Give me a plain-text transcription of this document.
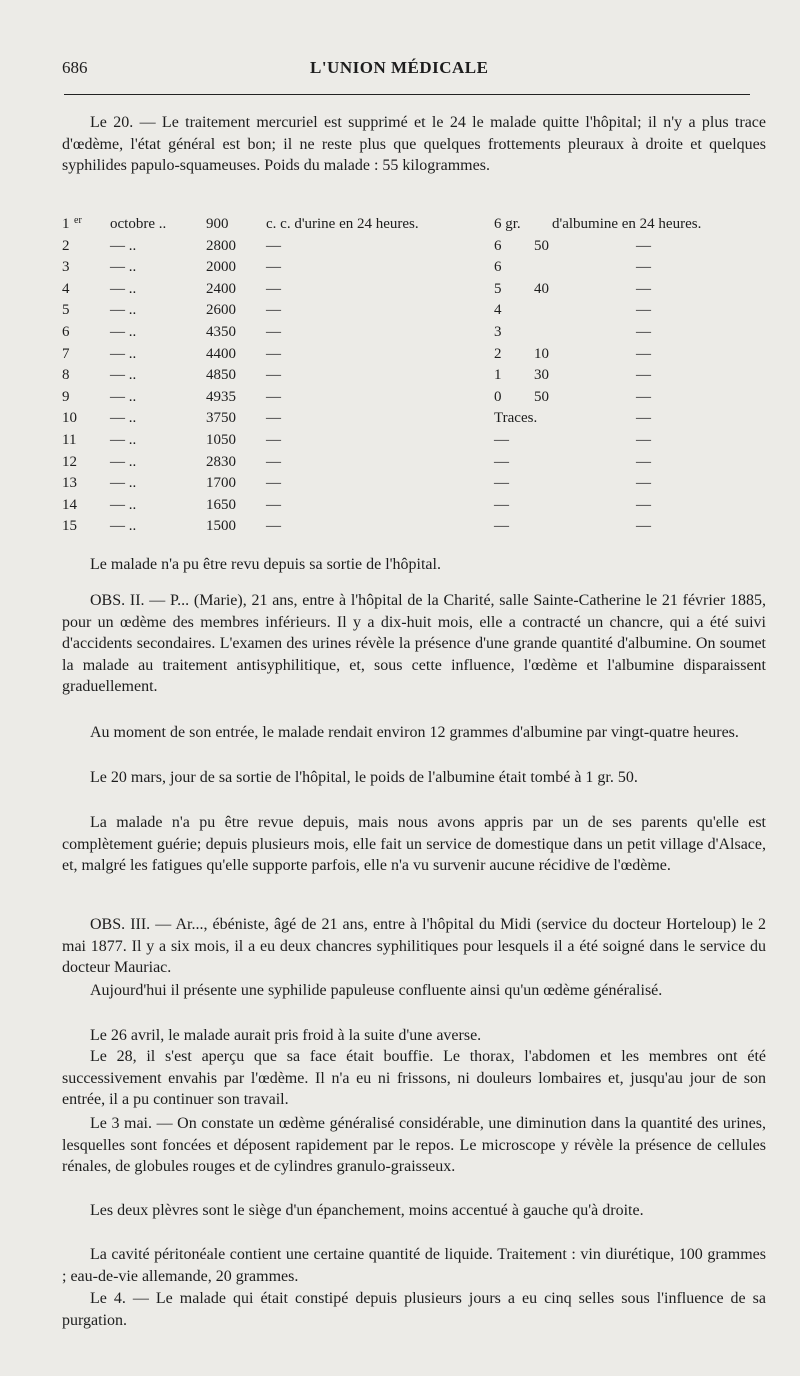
686	L'UNION MÉDICALE

Le 20. — Le traitement mercuriel est supprimé et le 24 le malade quitte l'hôpital; il n'y a plus trace d'œdème, l'état général est bon; il ne reste plus que quelques frottements pleuraux à droite et quelques syphilides papulo-squameuses. Poids du malade : 55 kilogrammes.

1 er octobre ..	900	c. c. d'urine en 24 heures.	6 gr. d'albumine en 24 heures.
2	— ..	2800 —	6 50	—
3	— ..	2000 —	6	—
4	— ..	2400 —	5 40	—
5	— ..	2600 —	4	—
6	— ..	4350 —	3	—
7	— ..	4400 —	2 10	—
8	— ..	4850 —	1 30	—
9	— ..	4935 —	0 50	—
10 — ..	3750 —	Traces.	—
11 — ..	1050 —	—	—
12 — ..	2830 —	—	—
13 — ..	1700 —	—	—
14 — ..	1650 —	—	—
15 — ..	1500 —	—	—

Le malade n'a pu être revu depuis sa sortie de l'hôpital.

OBS. II. — P... (Marie), 21 ans, entre à l'hôpital de la Charité, salle Sainte-Catherine le 21 février 1885, pour un œdème des membres inférieurs. Il y a dix-huit mois, elle a contracté un chancre, qui a été suivi d'accidents secondaires. L'examen des urines révèle la présence d'une grande quantité d'albumine. On soumet la malade au traitement antisyphilitique, et, sous cette influence, l'œdème et l'albumine disparaissent graduellement.

Au moment de son entrée, le malade rendait environ 12 grammes d'albumine par vingt-quatre heures.

Le 20 mars, jour de sa sortie de l'hôpital, le poids de l'albumine était tombé à 1 gr. 50.

La malade n'a pu être revue depuis, mais nous avons appris par un de ses parents qu'elle est complètement guérie; depuis plusieurs mois, elle fait un service de domestique dans un petit village d'Alsace, et, malgré les fatigues qu'elle supporte parfois, elle n'a vu survenir aucune récidive de l'œdème.

OBS. III. — Ar..., ébéniste, âgé de 21 ans, entre à l'hôpital du Midi (service du docteur Horteloup) le 2 mai 1877. Il y a six mois, il a eu deux chancres syphilitiques pour lesquels il a été soigné dans le service du docteur Mauriac.

Aujourd'hui il présente une syphilide papuleuse confluente ainsi qu'un œdème généralisé.

Le 26 avril, le malade aurait pris froid à la suite d'une averse.

Le 28, il s'est aperçu que sa face était bouffie. Le thorax, l'abdomen et les membres ont été successivement envahis par l'œdème. Il n'a eu ni frissons, ni douleurs lombaires et, jusqu'au jour de son entrée, il a pu continuer son travail.

Le 3 mai. — On constate un œdème généralisé considérable, une diminution dans la quantité des urines, lesquelles sont foncées et déposent rapidement par le repos. Le microscope y révèle la présence de cellules rénales, de globules rouges et de cylindres granulo-graisseux.

Les deux plèvres sont le siège d'un épanchement, moins accentué à gauche qu'à droite.

La cavité péritonéale contient une certaine quantité de liquide. Traitement : vin diurétique, 100 grammes ; eau-de-vie allemande, 20 grammes.

Le 4. — Le malade qui était constipé depuis plusieurs jours a eu cinq selles sous l'influence de sa purgation.
